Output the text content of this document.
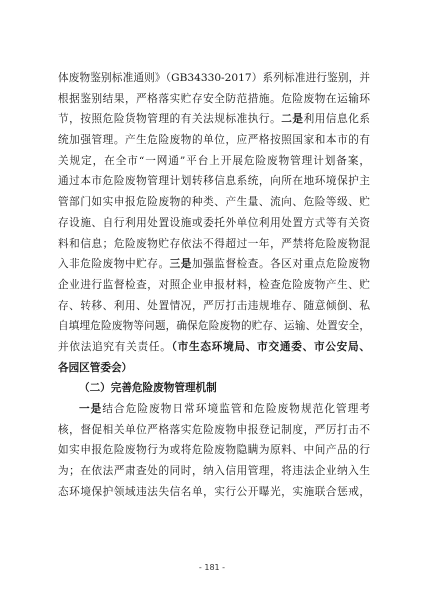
体废物鉴别标准通则》（GB34330-2017）系列标准进行鉴别，并
根据鉴别结果，严格落实贮存安全防范措施。危险废物在运输环
节，按照危险货物管理的有关法规标准执行。二是利用信息化系
统加强管理。产生危险废物的单位，应严格按照国家和本市的有
关规定，在全市“一网通”平台上开展危险废物管理计划备案，
通过本市危险废物管理计划转移信息系统，向所在地环境保护主
管部门如实申报危险废物的种类、产生量、流向、危险等级、贮
存设施、自行利用处置设施或委托外单位利用处置方式等有关资
料和信息；危险废物贮存依法不得超过一年，严禁将危险废物混
入非危险废物中贮存。三是加强监督检查。各区对重点危险废物
企业进行监督检查，对照企业申报材料，检查危险废物产生、贮
存、转移、利用、处置情况，严厉打击违规堆存、随意倾倒、私
自填埋危险废物等问题，确保危险废物的贮存、运输、处置安全，
并依法追究有关责任。（市生态环境局、市交通委、市公安局、
各园区管委会）
（二）完善危险废物管理机制
一是结合危险废物日常环境监管和危险废物规范化管理考
核，督促相关单位严格落实危险废物申报登记制度，严厉打击不
如实申报危险废物行为或将危险废物隐瞒为原料、中间产品的行
为；在依法严肃查处的同时，纳入信用管理，将违法企业纳入生
态环境保护领域违法失信名单，实行公开曝光，实施联合惩戒，
- 181 -
